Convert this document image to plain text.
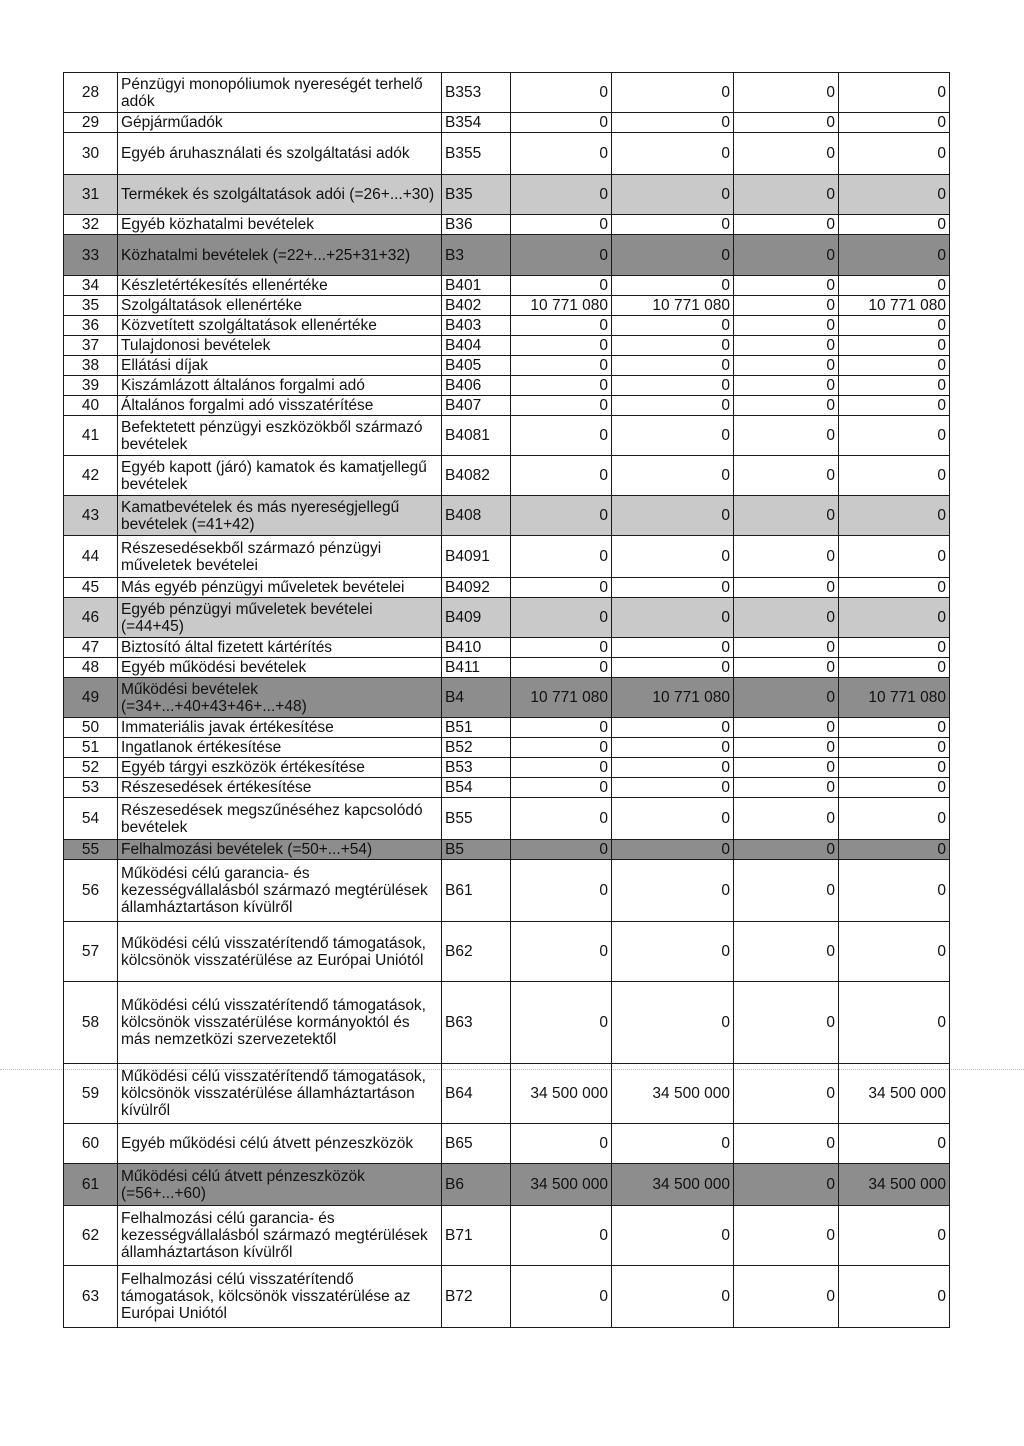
28	Pénzügyi monopóliumok nyereségét terhelő adók	B353	0	0	0	0
29	Gépjárműadók	B354	0	0	0	0
30	Egyéb áruhasználati és szolgáltatási adók	B355	0	0	0	0
31	Termékek és szolgáltatások adói (=26+...+30)	B35	0	0	0	0
32	Egyéb közhatalmi bevételek	B36	0	0	0	0
33	Közhatalmi bevételek (=22+...+25+31+32)	B3	0	0	0	0
34	Készletértékesítés ellenértéke	B401	0	0	0	0
35	Szolgáltatások ellenértéke	B402	10 771 080	10 771 080	0	10 771 080
36	Közvetített szolgáltatások ellenértéke	B403	0	0	0	0
37	Tulajdonosi bevételek	B404	0	0	0	0
38	Ellátási díjak	B405	0	0	0	0
39	Kiszámlázott általános forgalmi adó	B406	0	0	0	0
40	Általános forgalmi adó visszatérítése	B407	0	0	0	0
41	Befektetett pénzügyi eszközökből származó bevételek	B4081	0	0	0	0
42	Egyéb kapott (járó) kamatok és kamatjellegű bevételek	B4082	0	0	0	0
43	Kamatbevételek és más nyereségjellegű bevételek (=41+42)	B408	0	0	0	0
44	Részesedésekből származó pénzügyi műveletek bevételei	B4091	0	0	0	0
45	Más egyéb pénzügyi műveletek bevételei	B4092	0	0	0	0
46	Egyéb pénzügyi műveletek bevételei (=44+45)	B409	0	0	0	0
47	Biztosító által fizetett kártérítés	B410	0	0	0	0
48	Egyéb működési bevételek	B411	0	0	0	0
49	Működési bevételek (=34+...+40+43+46+...+48)	B4	10 771 080	10 771 080	0	10 771 080
50	Immateriális javak értékesítése	B51	0	0	0	0
51	Ingatlanok értékesítése	B52	0	0	0	0
52	Egyéb tárgyi eszközök értékesítése	B53	0	0	0	0
53	Részesedések értékesítése	B54	0	0	0	0
54	Részesedések megszűnéséhez kapcsolódó bevételek	B55	0	0	0	0
55	Felhalmozási bevételek (=50+...+54)	B5	0	0	0	0
56	Működési célú garancia- és kezességvállalásból származó megtérülések államháztartáson kívülről	B61	0	0	0	0
57	Működési célú visszatérítendő támogatások, kölcsönök visszatérülése az Európai Uniótól	B62	0	0	0	0
58	Működési célú visszatérítendő támogatások, kölcsönök visszatérülése kormányoktól és más nemzetközi szervezetektől	B63	0	0	0	0
59	Működési célú visszatérítendő támogatások, kölcsönök visszatérülése államháztartáson kívülről	B64	34 500 000	34 500 000	0	34 500 000
60	Egyéb működési célú átvett pénzeszközök	B65	0	0	0	0
61	Működési célú átvett pénzeszközök (=56+...+60)	B6	34 500 000	34 500 000	0	34 500 000
62	Felhalmozási célú garancia- és kezességvállalásból származó megtérülések államháztartáson kívülről	B71	0	0	0	0
63	Felhalmozási célú visszatérítendő támogatások, kölcsönök visszatérülése az Európai Uniótól	B72	0	0	0	0
